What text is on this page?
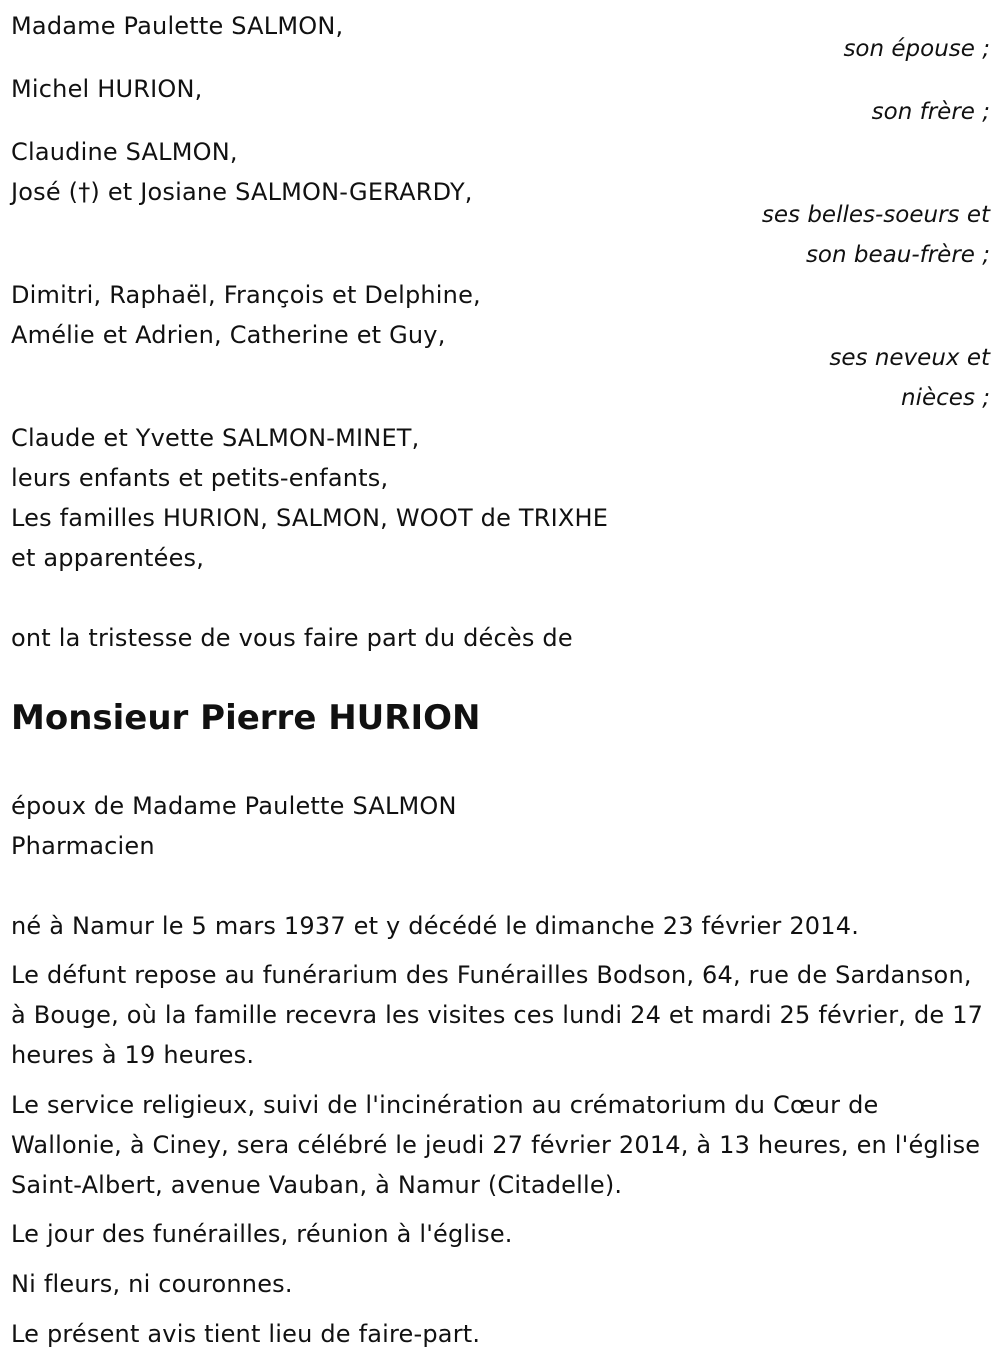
Madame Paulette SALMON,
son épouse ;
Michel HURION,
son frère ;
Claudine SALMON,
José (†) et Josiane SALMON-GERARDY,
ses belles-soeurs et
son beau-frère ;
Dimitri, Raphaël, François et Delphine,
Amélie et Adrien, Catherine et Guy,
ses neveux et
nièces ;
Claude et Yvette SALMON-MINET,
leurs enfants et petits-enfants,
Les familles HURION, SALMON, WOOT de TRIXHE
et apparentées,
ont la tristesse de vous faire part du décès de
Monsieur Pierre HURION
époux de Madame Paulette SALMON
Pharmacien
né à Namur le 5 mars 1937 et y décédé le dimanche 23 février 2014.
Le défunt repose au funérarium des Funérailles Bodson, 64, rue de Sardanson, à Bouge, où la famille recevra les visites ces lundi 24 et mardi 25 février, de 17 heures à 19 heures.
Le service religieux, suivi de l'incinération au crématorium du Cœur de Wallonie, à Ciney, sera célébré le jeudi 27 février 2014, à 13 heures, en l'église Saint-Albert, avenue Vauban, à Namur (Citadelle).
Le jour des funérailles, réunion à l'église.
Ni fleurs, ni couronnes.
Le présent avis tient lieu de faire-part.
